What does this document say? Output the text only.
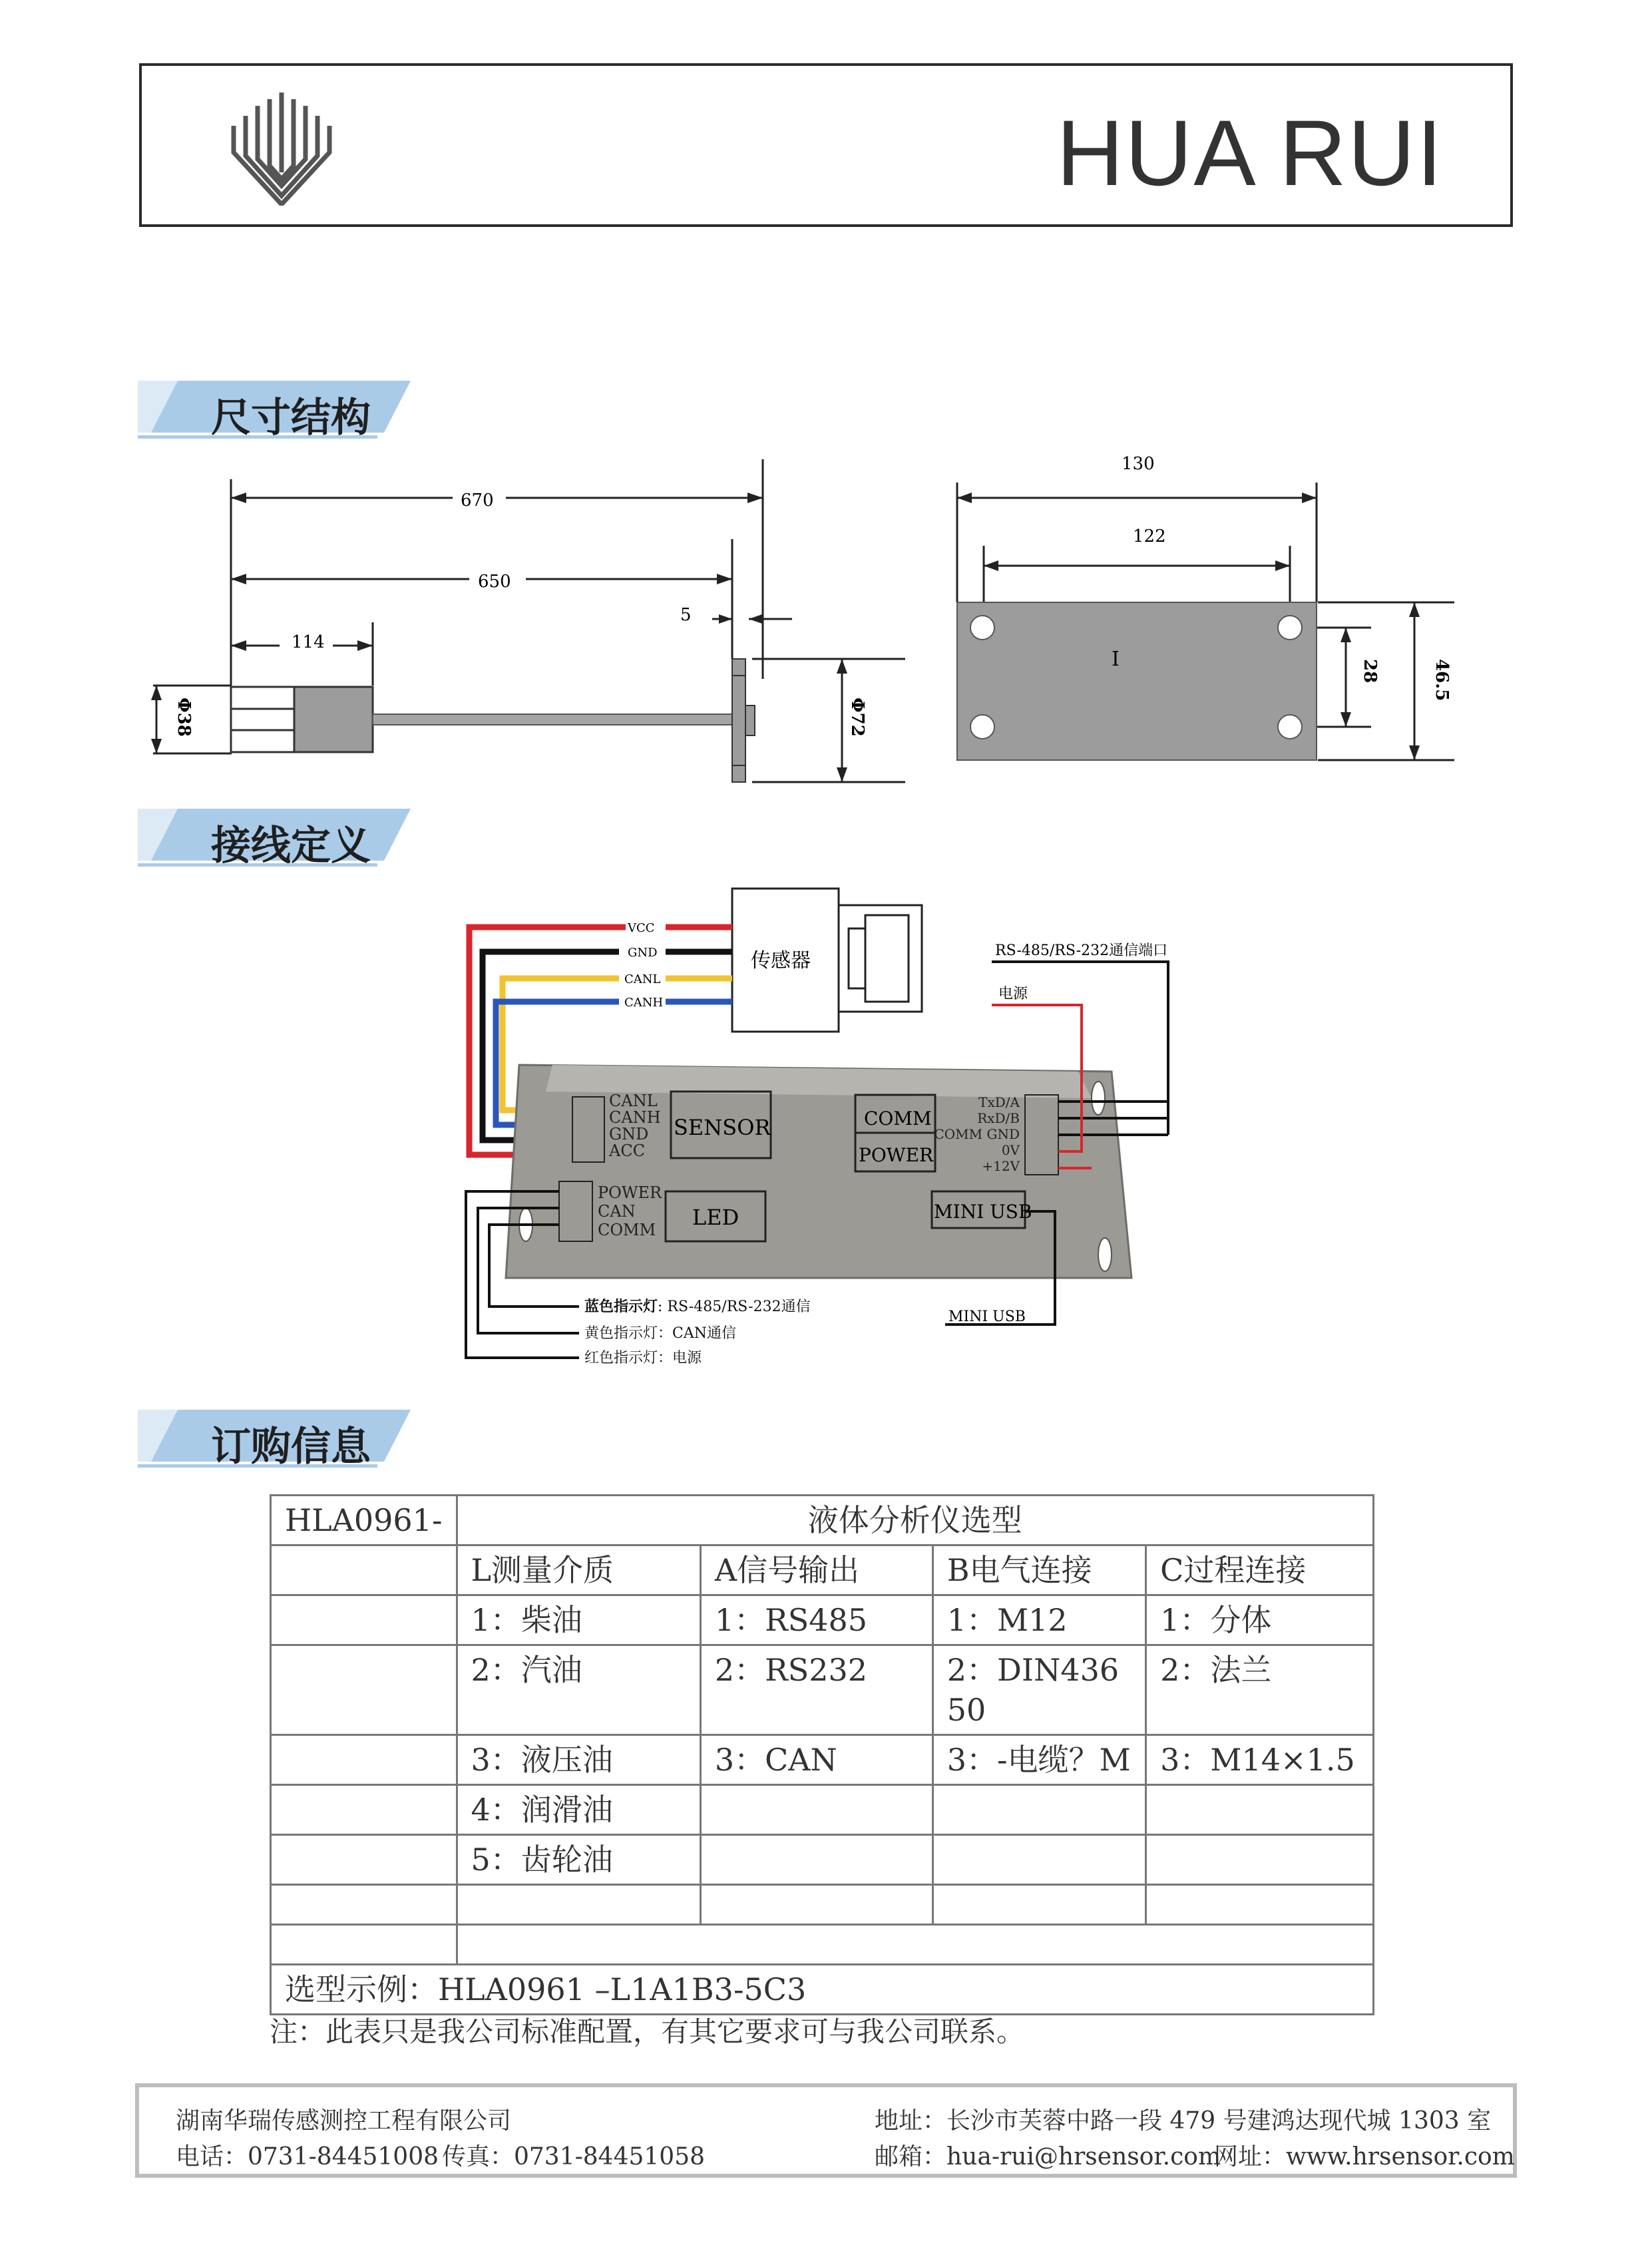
HUA RUI
尺寸结构
接线定义
订购信息
670
650
114
5
Φ38	Φ72
I
130
122
28	46.5
传感器
VCC
GND
CANL
CANH
CANL
CANH
GND
ACC
SENSOR
POWER
CAN
COMM LED
COMM
POWER
TxD/A
RxD/B
COMM GND
0V
+12V
MINI USB
RS-485/RS-232通信端口
电源
MINI USB
蓝色指示灯: RS-485/RS-232通信
黄色指示灯：CAN通信
红色指示灯：电源
HLA0961-	液体分析仪选型			
	L测量介质	A信号输出	B电气连接	C过程连接
	1：柴油	1：RS485	1：M12	1：分体
	2：汽油	2：RS232	2：DIN43650	2：法兰
	3：液压油	3：CAN	3：-电缆？M	3：M14×1.5
	4：润滑油			
	5：齿轮油			

选型示例：HLA0961 –L1A1B3-5C3				
注：此表只是我公司标准配置，有其它要求可与我公司联系。
湖南华瑞传感测控工程有限公司
电话：0731-84451008 传真：0731-84451058
地址：长沙市芙蓉中路一段 479 号建鸿达现代城 1303 室
邮箱：hua-rui@hrsensor.com
网址：www.hrsensor.com
